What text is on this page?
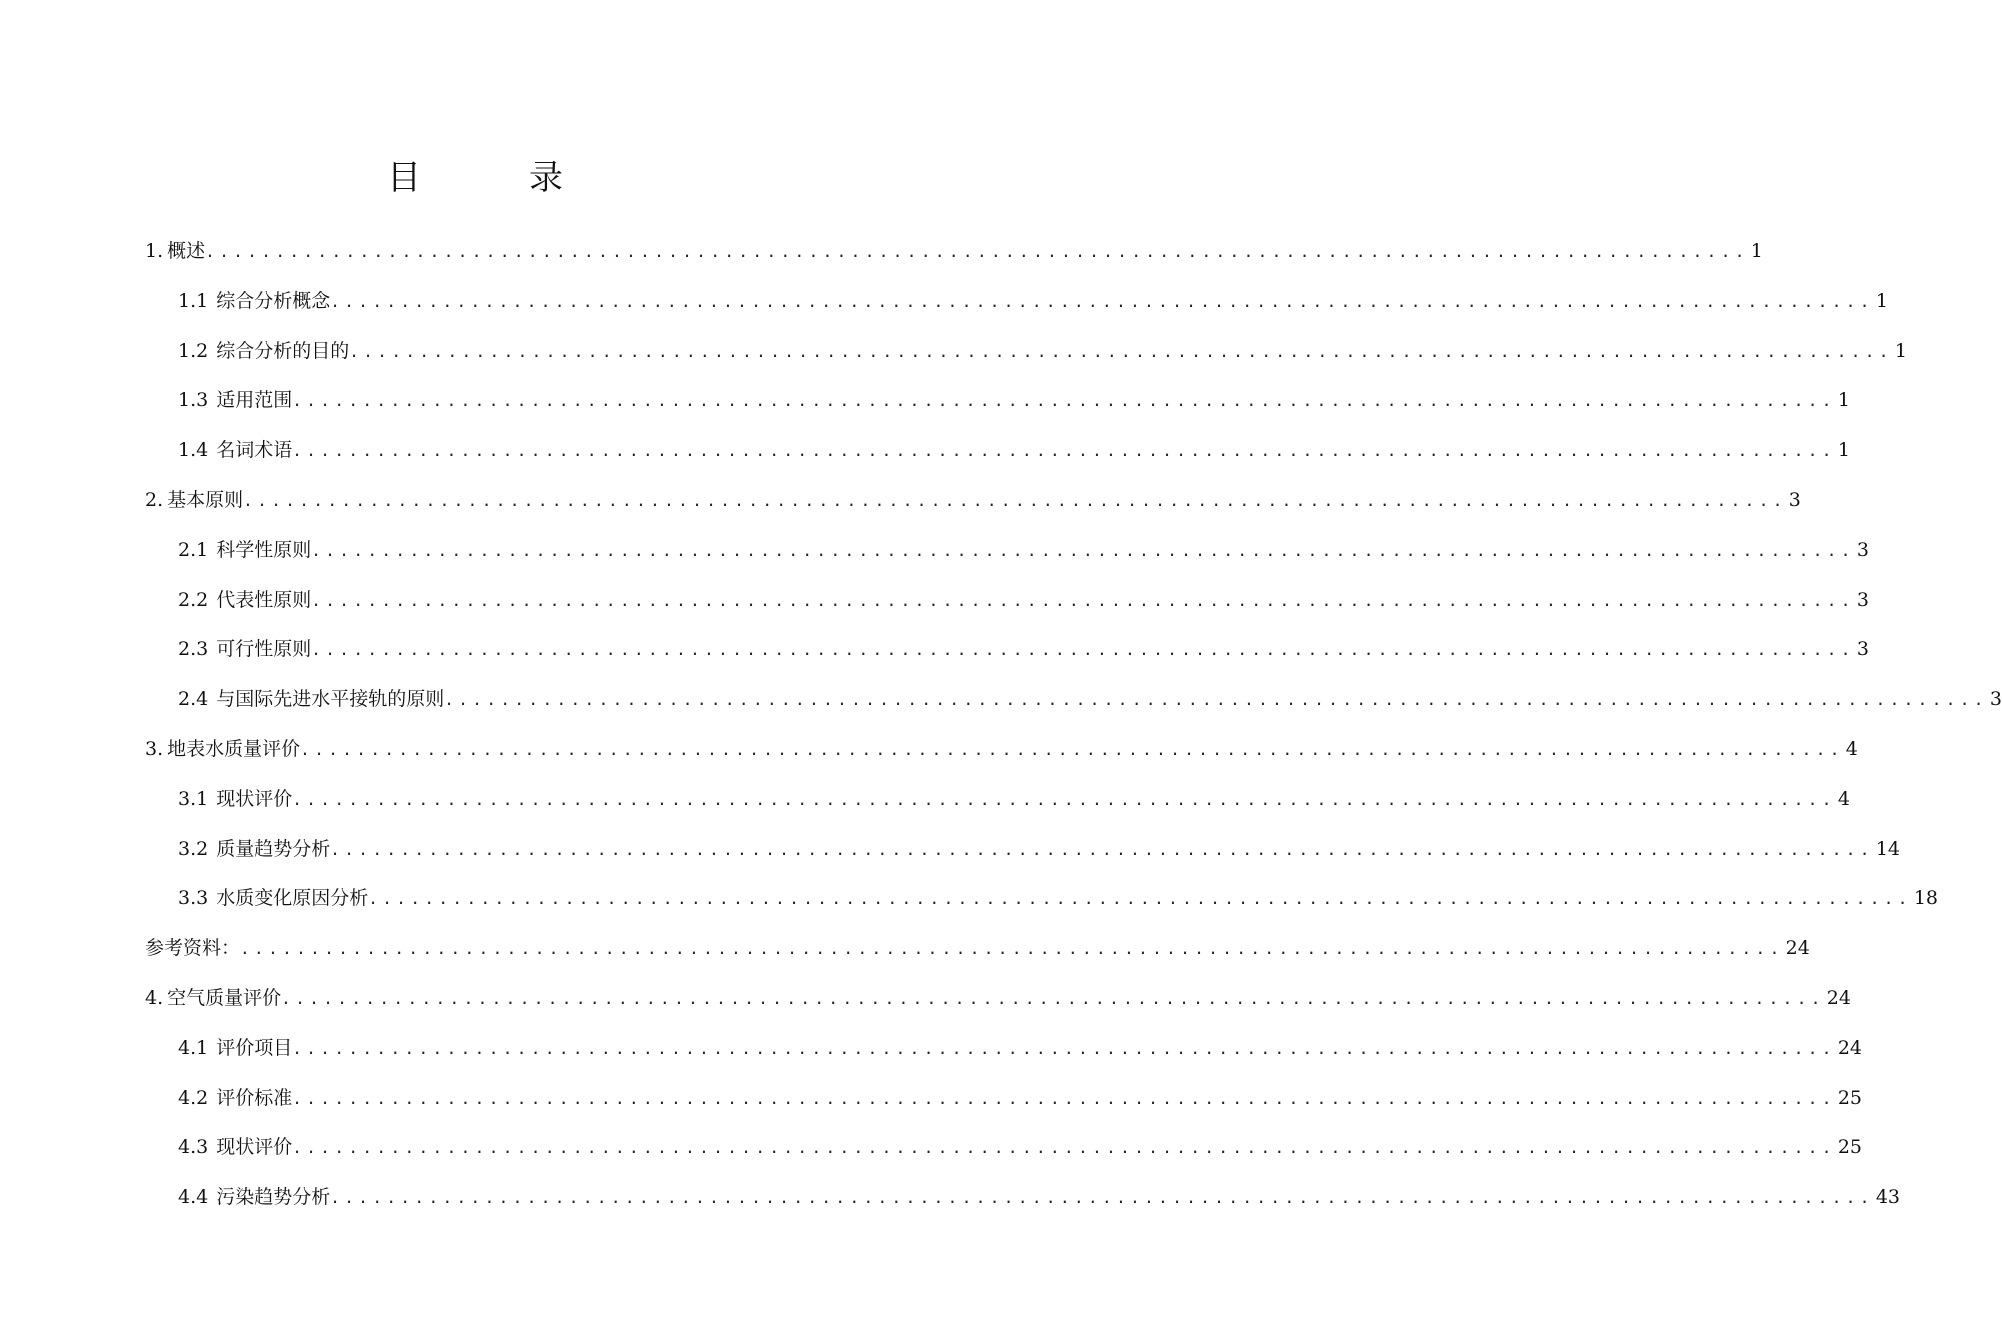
目	录
1. 概述 .............................................................................................................. 1
1.1 综合分析概念 .............................................................................................................. 1
1.2 综合分析的目的 .............................................................................................................. 1
1.3 适用范围 .............................................................................................................. 1
1.4 名词术语 .............................................................................................................. 1
2. 基本原则 .............................................................................................................. 3
2.1 科学性原则 .............................................................................................................. 3
2.2 代表性原则 .............................................................................................................. 3
2.3 可行性原则 .............................................................................................................. 3
2.4 与国际先进水平接轨的原则 .............................................................................................................. 3
3. 地表水质量评价 .............................................................................................................. 4
3.1 现状评价 .............................................................................................................. 4
3.2 质量趋势分析 .............................................................................................................. 14
3.3 水质变化原因分析 .............................................................................................................. 18
参考资料： .............................................................................................................. 24
4. 空气质量评价 .............................................................................................................. 24
4.1 评价项目 .............................................................................................................. 24
4.2 评价标准 .............................................................................................................. 25
4.3 现状评价 .............................................................................................................. 25
4.4 污染趋势分析 .............................................................................................................. 43
